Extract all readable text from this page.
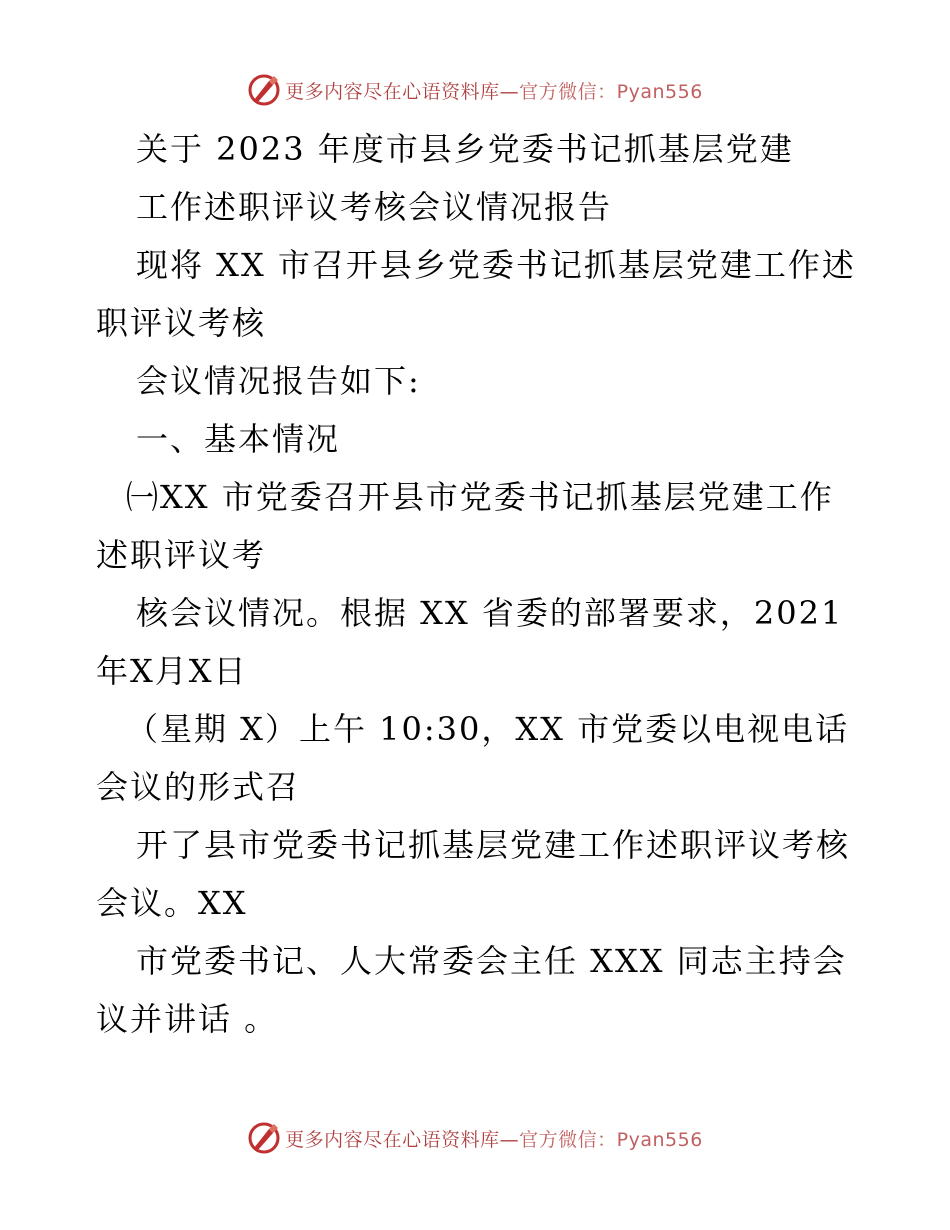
更多内容尽在心语资料库—官方微信：Pyan556
关于 2023 年度市县乡党委书记抓基层党建
工作述职评议考核会议情况报告
现将 XX 市召开县乡党委书记抓基层党建工作述
职评议考核
会议情况报告如下:
一、基本情况
㈠XX 市党委召开县市党委书记抓基层党建工作
述职评议考
核会议情况。根据 XX 省委的部署要求，2021
年X月X日
（星期 X）上午 10:30，XX 市党委以电视电话
会议的形式召
开了县市党委书记抓基层党建工作述职评议考核
会议。XX
市党委书记、人大常委会主任 XXX 同志主持会
议并讲话 。
更多内容尽在心语资料库—官方微信：Pyan556
